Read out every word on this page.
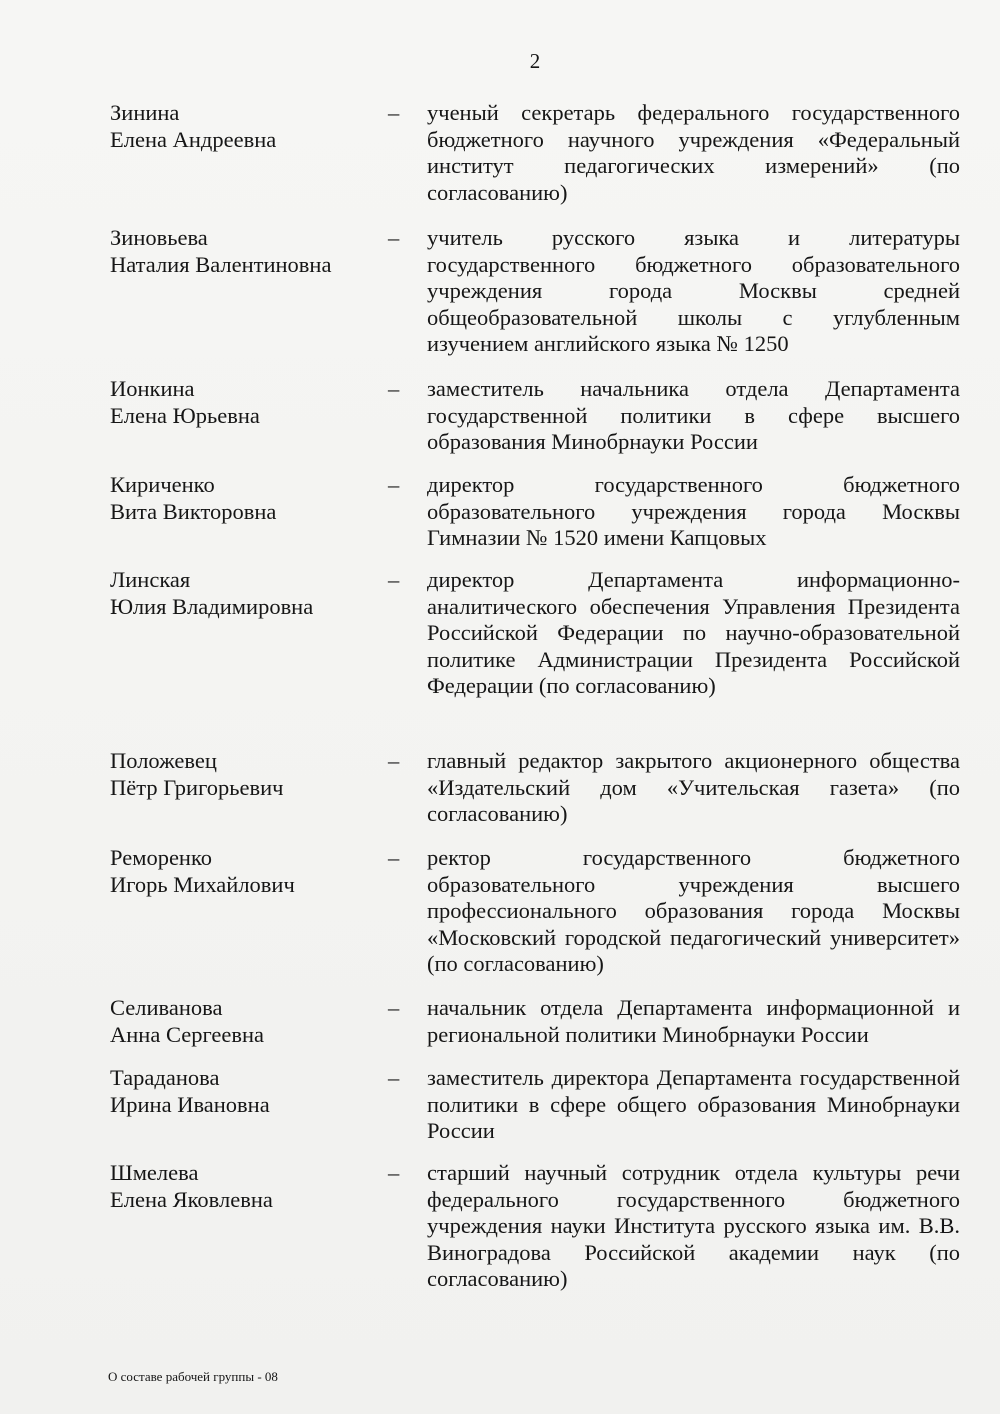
2
Зинина
Елена Андреевна
– ученый секретарь федерального государственного бюджетного научного учреждения «Федеральный институт педагогических измерений» (по согласованию)
Зиновьева
Наталия Валентиновна
– учитель русского языка и литературы государственного бюджетного образовательного учреждения города Москвы средней общеобразовательной школы с углубленным изучением английского языка № 1250
Ионкина
Елена Юрьевна
– заместитель начальника отдела Департамента государственной политики в сфере высшего образования Минобрнауки России
Кириченко
Вита Викторовна
– директор государственного бюджетного образовательного учреждения города Москвы Гимназии № 1520 имени Капцовых
Линская
Юлия Владимировна
– директор Департамента информационно-аналитического обеспечения Управления Президента Российской Федерации по научно-образовательной политике Администрации Президента Российской Федерации (по согласованию)
Положевец
Пётр Григорьевич
– главный редактор закрытого акционерного общества «Издательский дом «Учительская газета» (по согласованию)
Реморенко
Игорь Михайлович
– ректор государственного бюджетного образовательного учреждения высшего профессионального образования города Москвы «Московский городской педагогический университет» (по согласованию)
Селиванова
Анна Сергеевна
– начальник отдела Департамента информационной и региональной политики Минобрнауки России
Тараданова
Ирина Ивановна
– заместитель директора Департамента государственной политики в сфере общего образования Минобрнауки России
Шмелева
Елена Яковлевна
– старший научный сотрудник отдела культуры речи федерального государственного бюджетного учреждения науки Института русского языка им. В.В. Виноградова Российской академии наук (по согласованию)
О составе рабочей группы - 08
